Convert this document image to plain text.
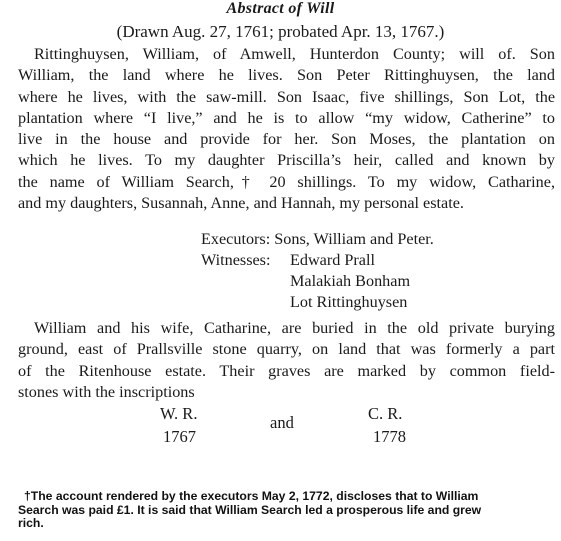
Abstract of Will
(Drawn Aug. 27, 1761; probated Apr. 13, 1767.)
Rittinghuysen, William, of Amwell, Hunterdon County; will of. Son
William, the land where he lives. Son Peter Rittinghuysen, the land
where he lives, with the saw-mill. Son Isaac, five shillings, Son Lot, the
plantation where “I live,” and he is to allow “my widow, Catherine” to
live in the house and provide for her. Son Moses, the plantation on
which he lives. To my daughter Priscilla’s heir, called and known by
the name of William Search,† 20 shillings. To my widow, Catharine,
and my daughters, Susannah, Anne, and Hannah, my personal estate.
Executors: Sons, William and Peter.
Witnesses: Edward Prall
Malakiah Bonham
Lot Rittinghuysen
William and his wife, Catharine, are buried in the old private burying
ground, east of Prallsville stone quarry, on land that was formerly a part
of the Ritenhouse estate. Their graves are marked by common field-
stones with the inscriptions
W. R.
1767
and	C. R.
1778
†The account rendered by the executors May 2, 1772, discloses that to William
Search was paid £1. It is said that William Search led a prosperous life and grew
rich.
